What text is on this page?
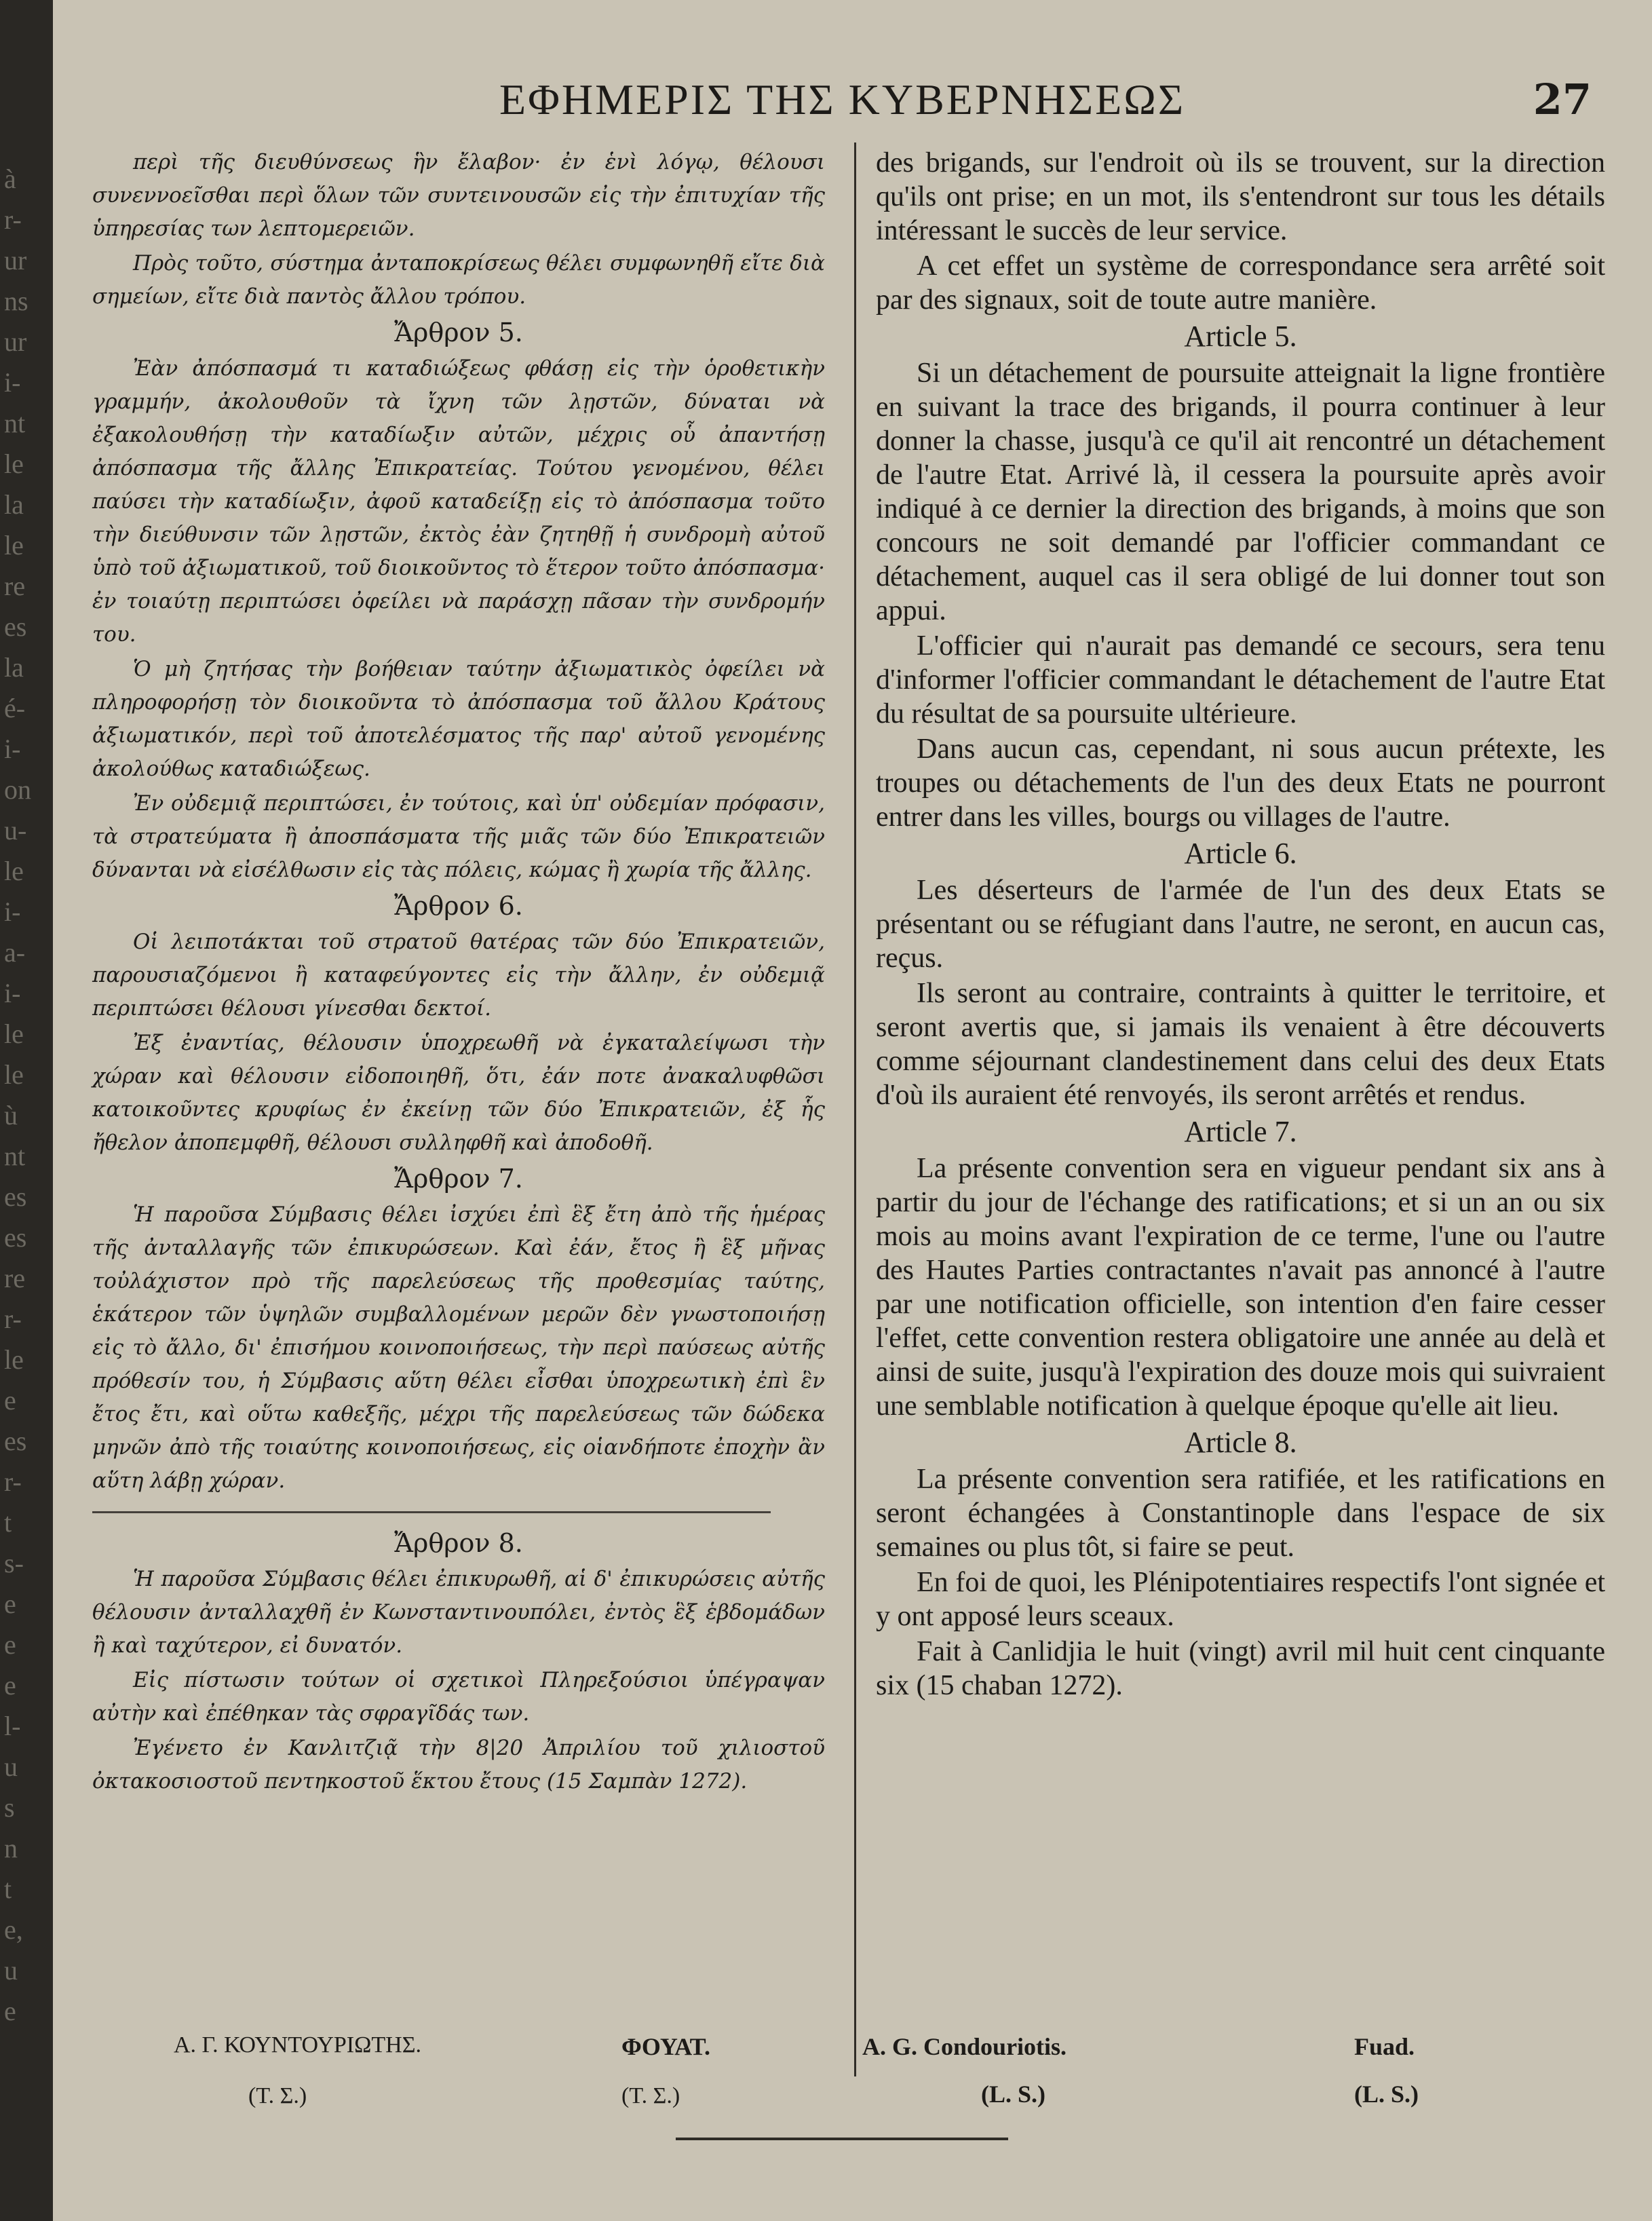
à
r-
ur
ns
ur
i-
nt
le
la
le
re
es
la
é-
i-
on
u-
le
i-
a-
i-
le
le
ù
nt
es
es
re
r-
le
e
es
r-
t
s-
e
e
e
l-
u
s
n
t
e,
u
e
ΕΦΗΜΕΡΙΣ ΤΗΣ ΚΥΒΕΡΝΗΣΕΩΣ	27

περὶ τῆς διευθύνσεως ἣν ἔλαβον· ἐν ἑνὶ λόγῳ, θέλουσι συνεννοεῖσθαι περὶ ὅλων τῶν συντεινουσῶν εἰς τὴν ἐπιτυχίαν τῆς ὑπηρεσίας των λεπτομερειῶν.

Πρὸς τοῦτο, σύστημα ἀνταποκρίσεως θέλει συμφωνηθῆ εἴτε διὰ σημείων, εἴτε διὰ παντὸς ἄλλου τρόπου.

Ἄρθρον 5.

Ἐὰν ἀπόσπασμά τι καταδιώξεως φθάσῃ εἰς τὴν ὁροθετικὴν γραμμήν, ἀκολουθοῦν τὰ ἴχνη τῶν λῃστῶν, δύναται νὰ ἐξακολουθήσῃ τὴν καταδίωξιν αὐτῶν, μέχρις οὗ ἀπαντήσῃ ἀπόσπασμα τῆς ἄλλης Ἐπικρατείας. Τούτου γενομένου, θέλει παύσει τὴν καταδίωξιν, ἀφοῦ καταδείξῃ εἰς τὸ ἀπόσπασμα τοῦτο τὴν διεύθυνσιν τῶν λῃστῶν, ἐκτὸς ἐὰν ζητηθῇ ἡ συνδρομὴ αὐτοῦ ὑπὸ τοῦ ἀξιωματικοῦ, τοῦ διοικοῦντος τὸ ἕτερον τοῦτο ἀπόσπασμα· ἐν τοιαύτῃ περιπτώσει ὀφείλει νὰ παράσχῃ πᾶσαν τὴν συνδρομήν του.

Ὁ μὴ ζητήσας τὴν βοήθειαν ταύτην ἀξιωματικὸς ὀφείλει νὰ πληροφορήσῃ τὸν διοικοῦντα τὸ ἀπόσπασμα τοῦ ἄλλου Κράτους ἀξιωματικόν, περὶ τοῦ ἀποτελέσματος τῆς παρ' αὐτοῦ γενομένης ἀκολούθως καταδιώξεως.

Ἐν οὐδεμιᾷ περιπτώσει, ἐν τούτοις, καὶ ὑπ' οὐδεμίαν πρόφασιν, τὰ στρατεύματα ἢ ἀποσπάσματα τῆς μιᾶς τῶν δύο Ἐπικρατειῶν δύνανται νὰ εἰσέλθωσιν εἰς τὰς πόλεις, κώμας ἢ χωρία τῆς ἄλλης.

Ἄρθρον 6.

Οἱ λειποτάκται τοῦ στρατοῦ θατέρας τῶν δύο Ἐπικρατειῶν, παρουσιαζόμενοι ἢ καταφεύγοντες εἰς τὴν ἄλλην, ἐν οὐδεμιᾷ περιπτώσει θέλουσι γίνεσθαι δεκτοί.

Ἐξ ἐναντίας, θέλουσιν ὑποχρεωθῆ νὰ ἐγκαταλείψωσι τὴν χώραν καὶ θέλουσιν εἰδοποιηθῆ, ὅτι, ἐάν ποτε ἀνακαλυφθῶσι κατοικοῦντες κρυφίως ἐν ἐκείνῃ τῶν δύο Ἐπικρατειῶν, ἐξ ἧς ἤθελον ἀποπεμφθῆ, θέλουσι συλληφθῆ καὶ ἀποδοθῆ.

Ἄρθρον 7.

Ἡ παροῦσα Σύμβασις θέλει ἰσχύει ἐπὶ ἓξ ἔτη ἀπὸ τῆς ἡμέρας τῆς ἀνταλλαγῆς τῶν ἐπικυρώσεων. Καὶ ἐάν, ἔτος ἢ ἓξ μῆνας τοὐλάχιστον πρὸ τῆς παρελεύσεως τῆς προθεσμίας ταύτης, ἑκάτερον τῶν ὑψηλῶν συμβαλλομένων μερῶν δὲν γνωστοποιήσῃ εἰς τὸ ἄλλο, δι' ἐπισήμου κοινοποιήσεως, τὴν περὶ παύσεως αὐτῆς πρόθεσίν του, ἡ Σύμβασις αὕτη θέλει εἶσθαι ὑποχρεωτικὴ ἐπὶ ἓν ἔτος ἔτι, καὶ οὕτω καθεξῆς, μέχρι τῆς παρελεύσεως τῶν δώδεκα μηνῶν ἀπὸ τῆς τοιαύτης κοινοποιήσεως, εἰς οἱανδήποτε ἐποχὴν ἂν αὕτη λάβῃ χώραν.

Ἄρθρον 8.

Ἡ παροῦσα Σύμβασις θέλει ἐπικυρωθῆ, αἱ δ' ἐπικυρώσεις αὐτῆς θέλουσιν ἀνταλλαχθῆ ἐν Κωνσταντινουπόλει, ἐντὸς ἓξ ἑβδομάδων ἢ καὶ ταχύτερον, εἰ δυνατόν.

Εἰς πίστωσιν τούτων οἱ σχετικοὶ Πληρεξούσιοι ὑπέγραψαν αὐτὴν καὶ ἐπέθηκαν τὰς σφραγῖδάς των.

Ἐγένετο ἐν Κανλιτζιᾷ τὴν 8|20 Ἀπριλίου τοῦ χιλιοστοῦ ὀκτακοσιοστοῦ πεντηκοστοῦ ἕκτου ἔτους (15 Σαμπὰν 1272).

des brigands, sur l'endroit où ils se trouvent, sur la direction qu'ils ont prise; en un mot, ils s'entendront sur tous les détails intéressant le succès de leur service.

A cet effet un système de correspondance sera arrêté soit par des signaux, soit de toute autre manière.

Article 5.

Si un détachement de poursuite atteignait la ligne frontière en suivant la trace des brigands, il pourra continuer à leur donner la chasse, jusqu'à ce qu'il ait rencontré un détachement de l'autre Etat. Arrivé là, il cessera la poursuite après avoir indiqué à ce dernier la direction des brigands, à moins que son concours ne soit demandé par l'officier commandant ce détachement, auquel cas il sera obligé de lui donner tout son appui.

L'officier qui n'aurait pas demandé ce secours, sera tenu d'informer l'officier commandant le détachement de l'autre Etat du résultat de sa poursuite ultérieure.

Dans aucun cas, cependant, ni sous aucun prétexte, les troupes ou détachements de l'un des deux Etats ne pourront entrer dans les villes, bourgs ou villages de l'autre.

Article 6.

Les déserteurs de l'armée de l'un des deux Etats se présentant ou se réfugiant dans l'autre, ne seront, en aucun cas, reçus.

Ils seront au contraire, contraints à quitter le territoire, et seront avertis que, si jamais ils venaient à être découverts comme séjournant clandestinement dans celui des deux Etats d'où ils auraient été renvoyés, ils seront arrêtés et rendus.

Article 7.

La présente convention sera en vigueur pendant six ans à partir du jour de l'échange des ratifications; et si un an ou six mois au moins avant l'expiration de ce terme, l'une ou l'autre des Hautes Parties contractantes n'avait pas annoncé à l'autre par une notification officielle, son intention d'en faire cesser l'effet, cette convention restera obligatoire une année au delà et ainsi de suite, jusqu'à l'expiration des douze mois qui suivraient une semblable notification à quelque époque qu'elle ait lieu.

Article 8.

La présente convention sera ratifiée, et les ratifications en seront échangées à Constantinople dans l'espace de six semaines ou plus tôt, si faire se peut.

En foi de quoi, les Plénipotentiaires respectifs l'ont signée et y ont apposé leurs sceaux.

Fait à Canlidjia le huit (vingt) avril mil huit cent cinquante six (15 chaban 1272).

Α. Γ. ΚΟΥΝΤΟΥΡΙΩΤΗΣ.	ΦΟΥΑΤ.
(Τ. Σ.)	(Τ. Σ.)
A. G. Condouriotis.	Fuad.
(L. S.)	(L. S.)
